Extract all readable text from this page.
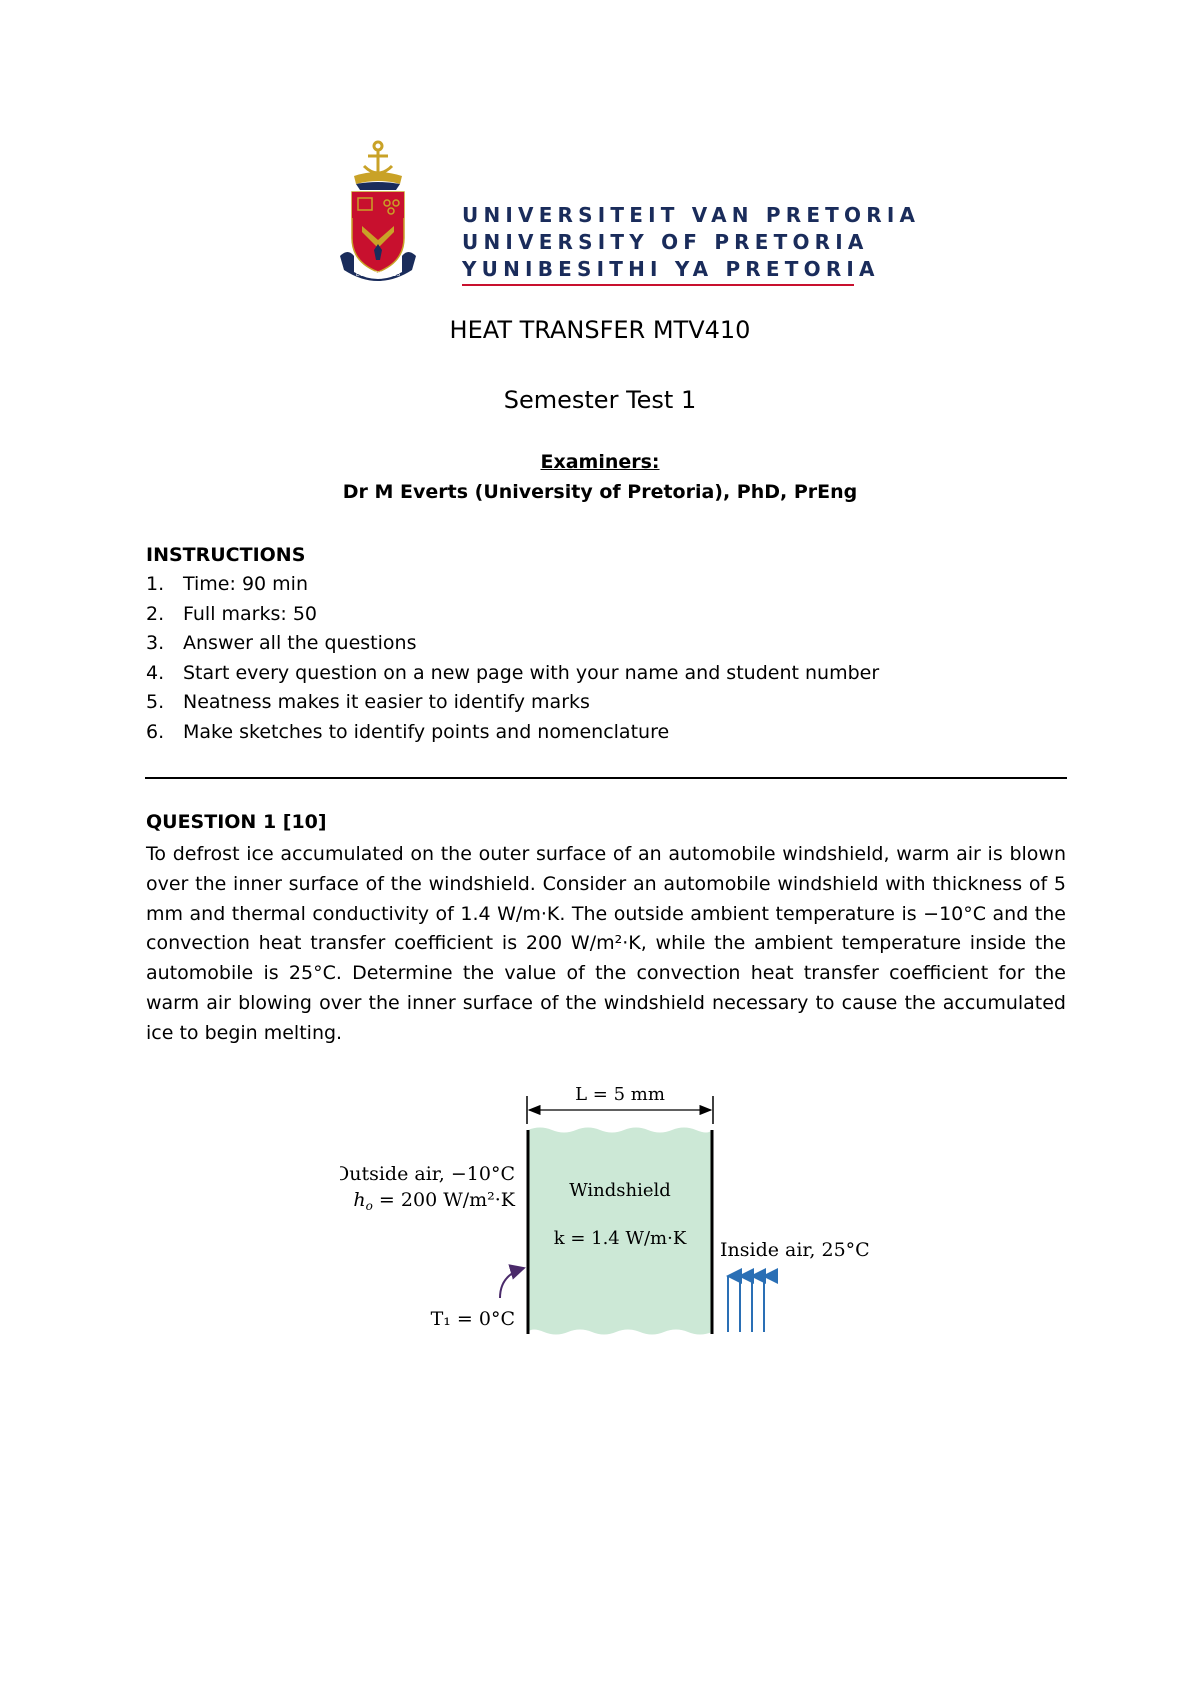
ECCE TIRONES
UNIVERSITEIT VAN PRETORIA
UNIVERSITY OF PRETORIA
YUNIBESITHI YA PRETORIA
HEAT TRANSFER MTV410
Semester Test 1
Examiners:
Dr M Everts (University of Pretoria), PhD, PrEng
INSTRUCTIONS
1. Time: 90 min
2. Full marks: 50
3. Answer all the questions
4. Start every question on a new page with your name and student number
5. Neatness makes it easier to identify marks
6. Make sketches to identify points and nomenclature
QUESTION 1 [10]
To defrost ice accumulated on the outer surface of an automobile windshield, warm air is blown over the inner surface of the windshield. Consider an automobile windshield with thickness of 5 mm and thermal conductivity of 1.4 W/m·K. The outside ambient temperature is −10°C and the convection heat transfer coefficient is 200 W/m²·K, while the ambient temperature inside the automobile is 25°C. Determine the value of the convection heat transfer coefficient for the warm air blowing over the inner surface of the windshield necessary to cause the accumulated ice to begin melting.
L = 5 mm
Windshield
k = 1.4 W/m·K
Outside air, −10°C
$h_o = 200$ W/m²·K
T₁ = 0°C
Inside air, 25°C
